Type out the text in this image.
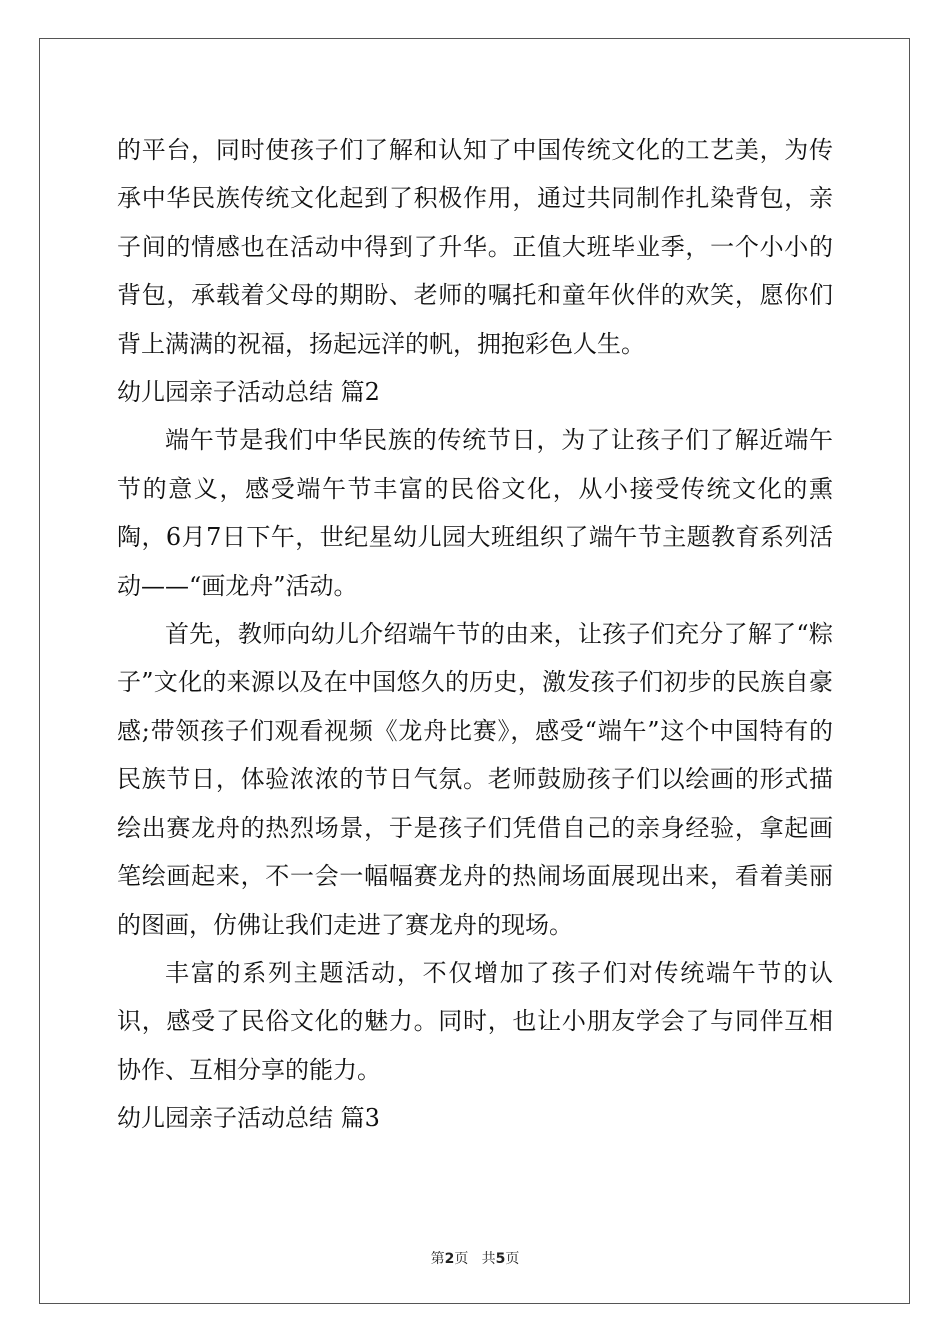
的平台，同时使孩子们了解和认知了中国传统文化的工艺美，为传承中华民族传统文化起到了积极作用，通过共同制作扎染背包，亲子间的情感也在活动中得到了升华。正值大班毕业季，一个小小的背包，承载着父母的期盼、老师的嘱托和童年伙伴的欢笑，愿你们背上满满的祝福，扬起远洋的帆，拥抱彩色人生。

幼儿园亲子活动总结 篇2

端午节是我们中华民族的传统节日，为了让孩子们了解近端午节的意义，感受端午节丰富的民俗文化，从小接受传统文化的熏陶，6月7日下午，世纪星幼儿园大班组织了端午节主题教育系列活动——“画龙舟”活动。

首先，教师向幼儿介绍端午节的由来，让孩子们充分了解了“粽子”文化的来源以及在中国悠久的历史，激发孩子们初步的民族自豪感;带领孩子们观看视频《龙舟比赛》，感受“端午”这个中国特有的民族节日，体验浓浓的节日气氛。老师鼓励孩子们以绘画的形式描绘出赛龙舟的热烈场景，于是孩子们凭借自己的亲身经验，拿起画笔绘画起来，不一会一幅幅赛龙舟的热闹场面展现出来，看着美丽的图画，仿佛让我们走进了赛龙舟的现场。

丰富的系列主题活动，不仅增加了孩子们对传统端午节的认识，感受了民俗文化的魅力。同时，也让小朋友学会了与同伴互相协作、互相分享的能力。

幼儿园亲子活动总结 篇3

第2页 共5页
